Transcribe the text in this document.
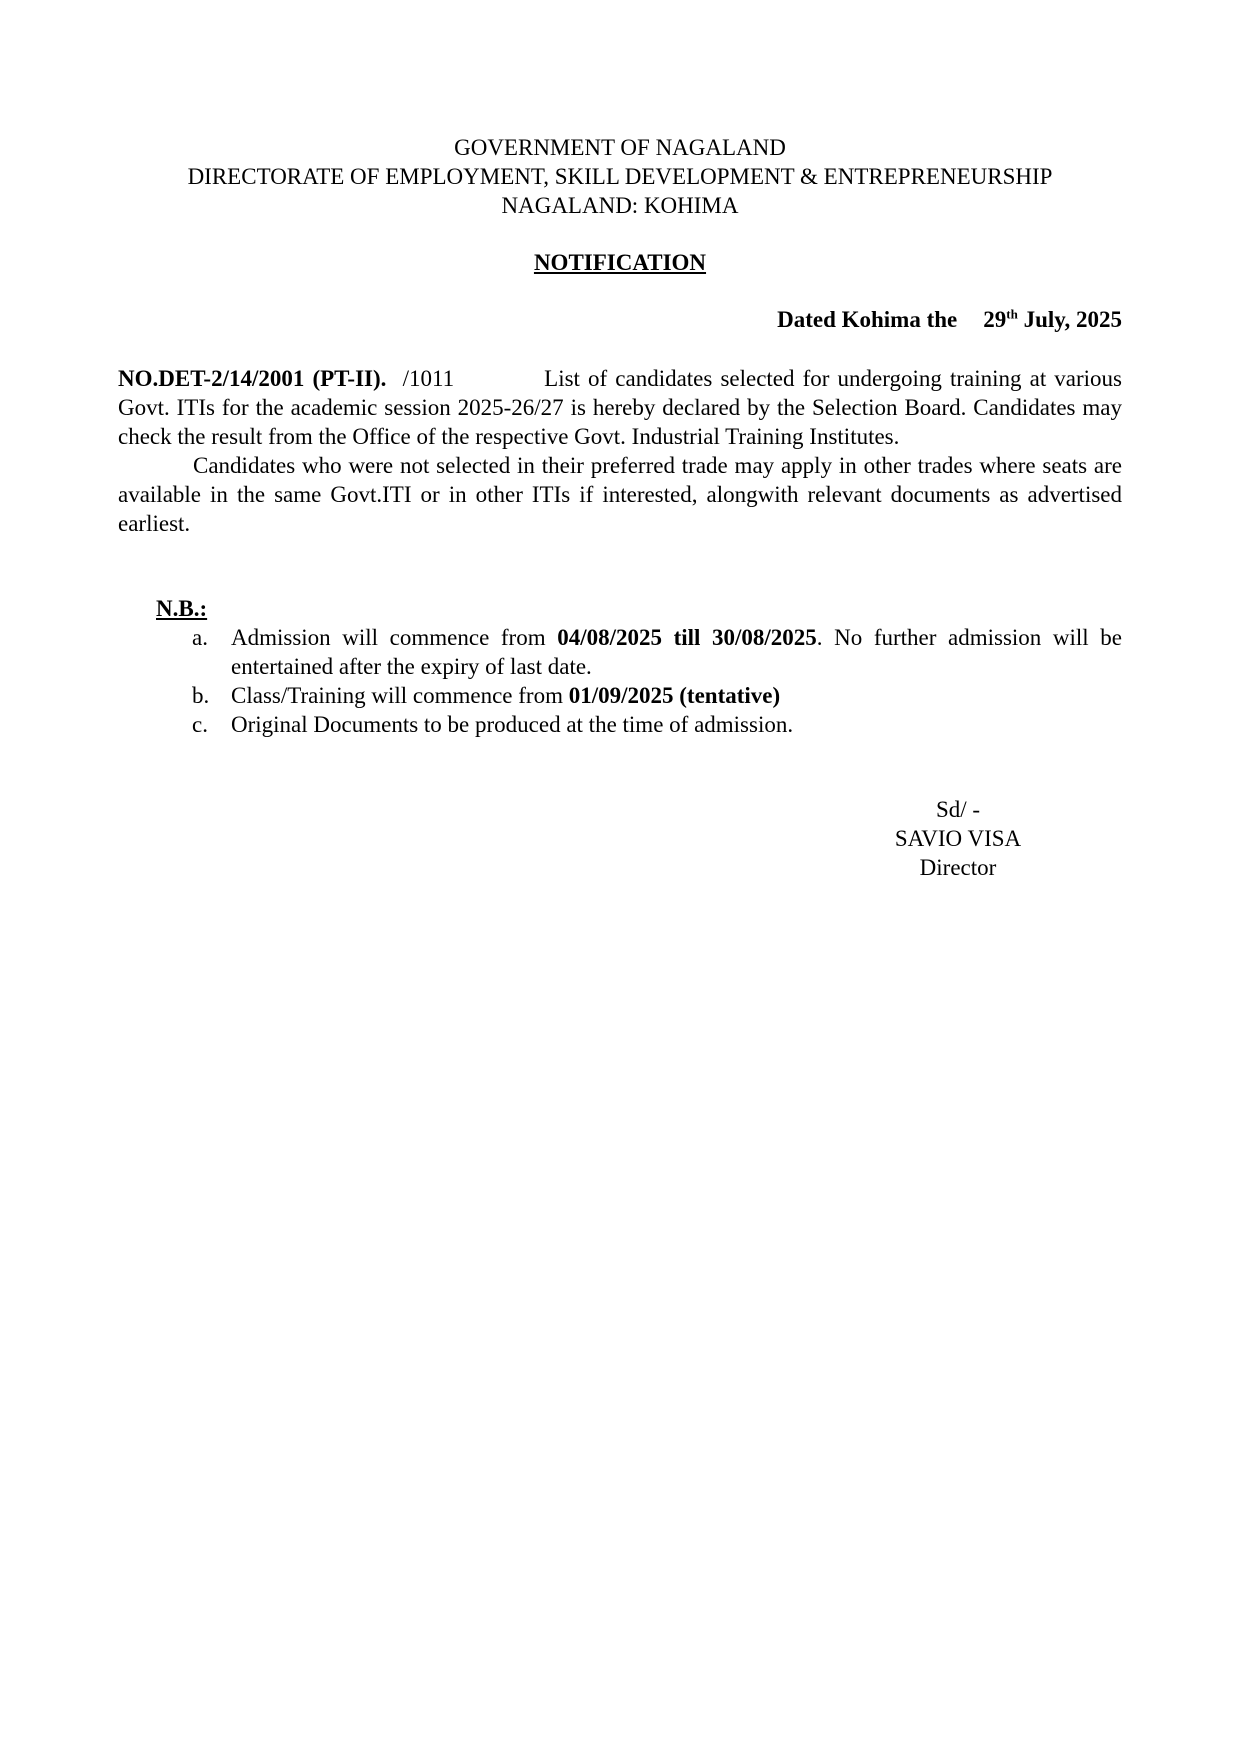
GOVERNMENT OF NAGALAND
DIRECTORATE OF EMPLOYMENT, SKILL DEVELOPMENT & ENTREPRENEURSHIP
NAGALAND: KOHIMA
NOTIFICATION
Dated Kohima the 29th July, 2025

NO.DET-2/14/2001 (PT-II). /1011	List of candidates selected for undergoing training at various Govt. ITIs for the academic session 2025-26/27 is hereby declared by the Selection Board. Candidates may check the result from the Office of the respective Govt. Industrial Training Institutes.

Candidates who were not selected in their preferred trade may apply in other trades where seats are available in the same Govt.ITI or in other ITIs if interested, alongwith relevant documents as advertised earliest.

N.B.:
a.	Admission will commence from 04/08/2025 till 30/08/2025. No further admission will be entertained after the expiry of last date.
b. Class/Training will commence from 01/09/2025 (tentative)
c.	Original Documents to be produced at the time of admission.
Sd/ -
SAVIO VISA
Director
